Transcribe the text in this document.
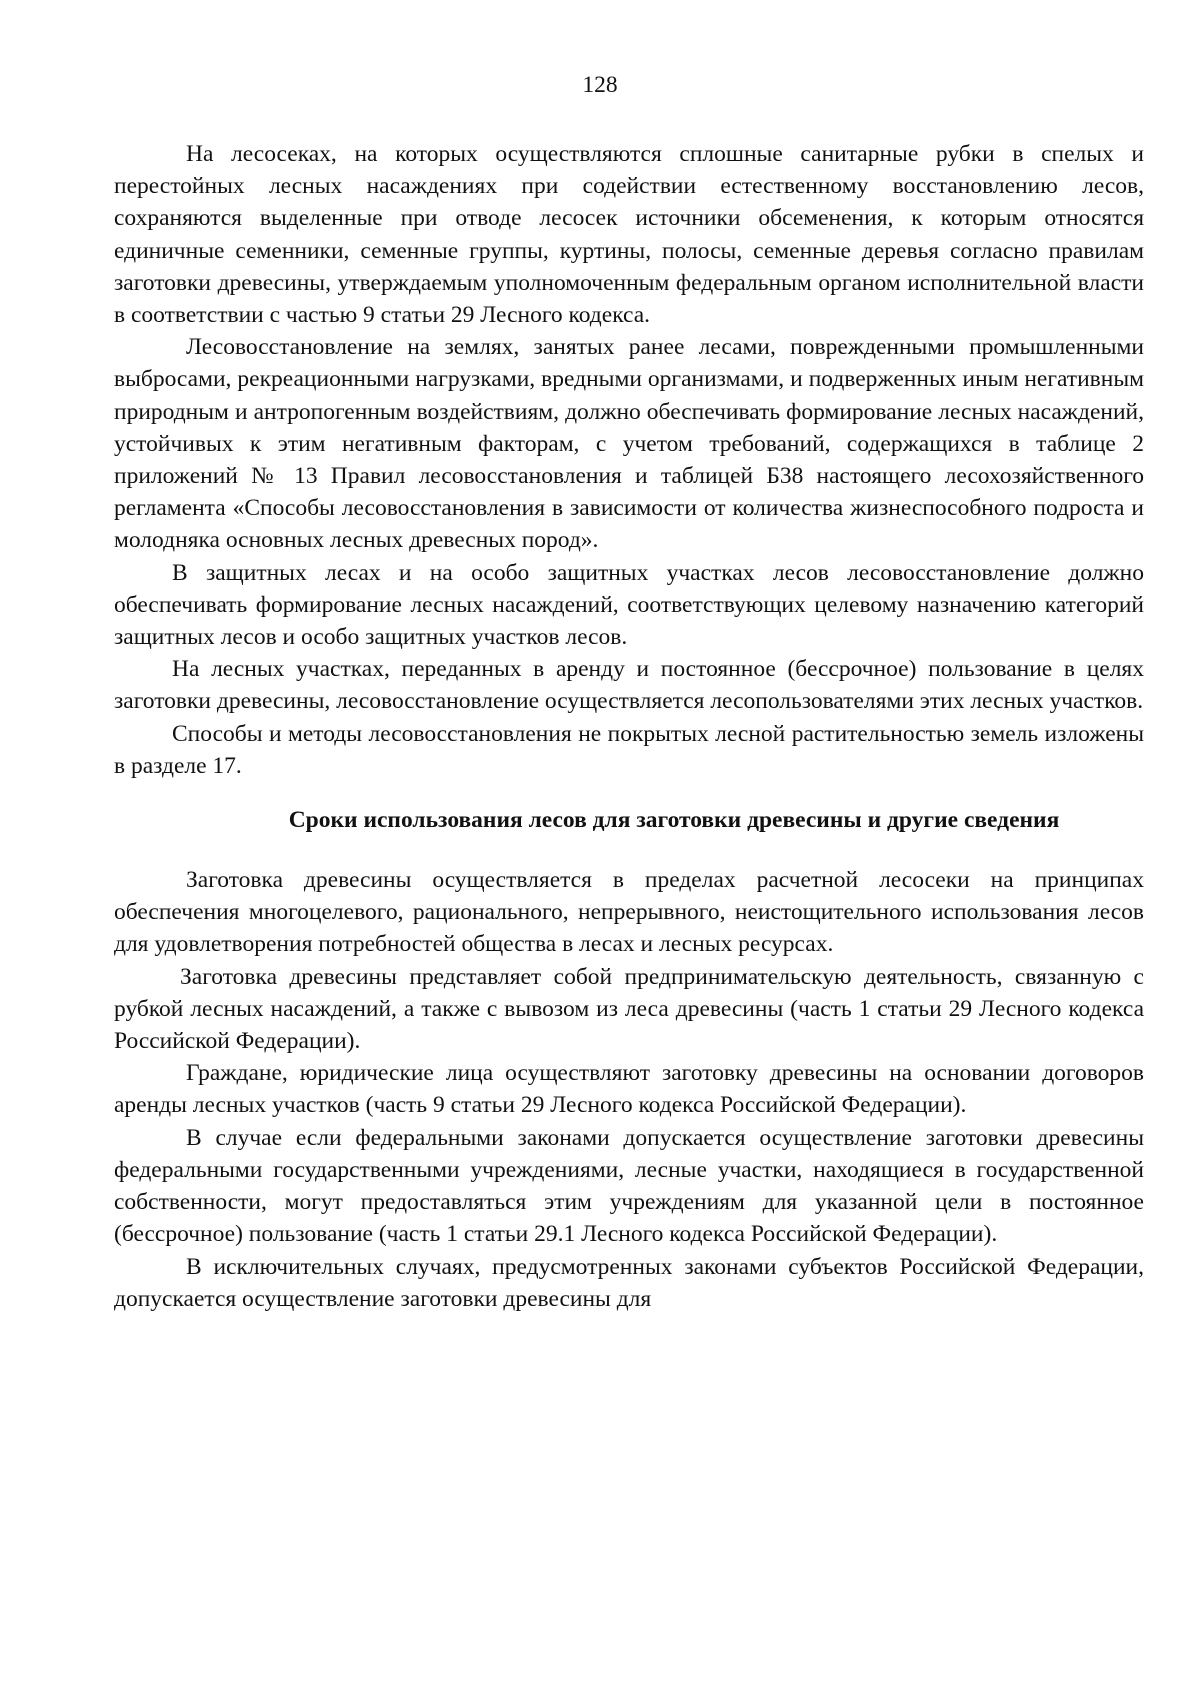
128

На лесосеках, на которых осуществляются сплошные санитарные рубки в спелых и перестойных лесных насаждениях при содействии естественному восстановлению лесов, сохраняются выделенные при отводе лесосек источники обсеменения, к которым относятся единичные семенники, семенные группы, куртины, полосы, семенные деревья согласно правилам заготовки древесины, утверждаемым уполномоченным федеральным органом исполнительной власти в соответствии с частью 9 статьи 29 Лесного кодекса.

Лесовосстановление на землях, занятых ранее лесами, поврежденными промышленными выбросами, рекреационными нагрузками, вредными организмами, и подверженных иным негативным природным и антропогенным воздействиям, должно обеспечивать формирование лесных насаждений, устойчивых к этим негативным факторам, с учетом требований, содержащихся в таблице 2 приложений № 13 Правил лесовосстановления и таблицей Б38 настоящего лесохозяйственного регламента «Способы лесовосстановления в зависимости от количества жизнеспособного подроста и молодняка основных лесных древесных пород».

В защитных лесах и на особо защитных участках лесов лесовосстановление должно обеспечивать формирование лесных насаждений, соответствующих целевому назначению категорий защитных лесов и особо защитных участков лесов.

На лесных участках, переданных в аренду и постоянное (бессрочное) пользование в целях заготовки древесины, лесовосстановление осуществляется лесопользователями этих лесных участков.

Способы и методы лесовосстановления не покрытых лесной растительностью земель изложены в разделе 17.

Сроки использования лесов для заготовки древесины и другие сведения

Заготовка древесины осуществляется в пределах расчетной лесосеки на принципах обеспечения многоцелевого, рационального, непрерывного, неистощительного использования лесов для удовлетворения потребностей общества в лесах и лесных ресурсах.

Заготовка древесины представляет собой предпринимательскую деятельность, связанную с рубкой лесных насаждений, а также с вывозом из леса древесины (часть 1 статьи 29 Лесного кодекса Российской Федерации).

Граждане, юридические лица осуществляют заготовку древесины на основании договоров аренды лесных участков (часть 9 статьи 29 Лесного кодекса Российской Федерации).

В случае если федеральными законами допускается осуществление заготовки древесины федеральными государственными учреждениями, лесные участки, находящиеся в государственной собственности, могут предоставляться этим учреждениям для указанной цели в постоянное (бессрочное) пользование (часть 1 статьи 29.1 Лесного кодекса Российской Федерации).

В исключительных случаях, предусмотренных законами субъектов Российской Федерации, допускается осуществление заготовки древесины для
